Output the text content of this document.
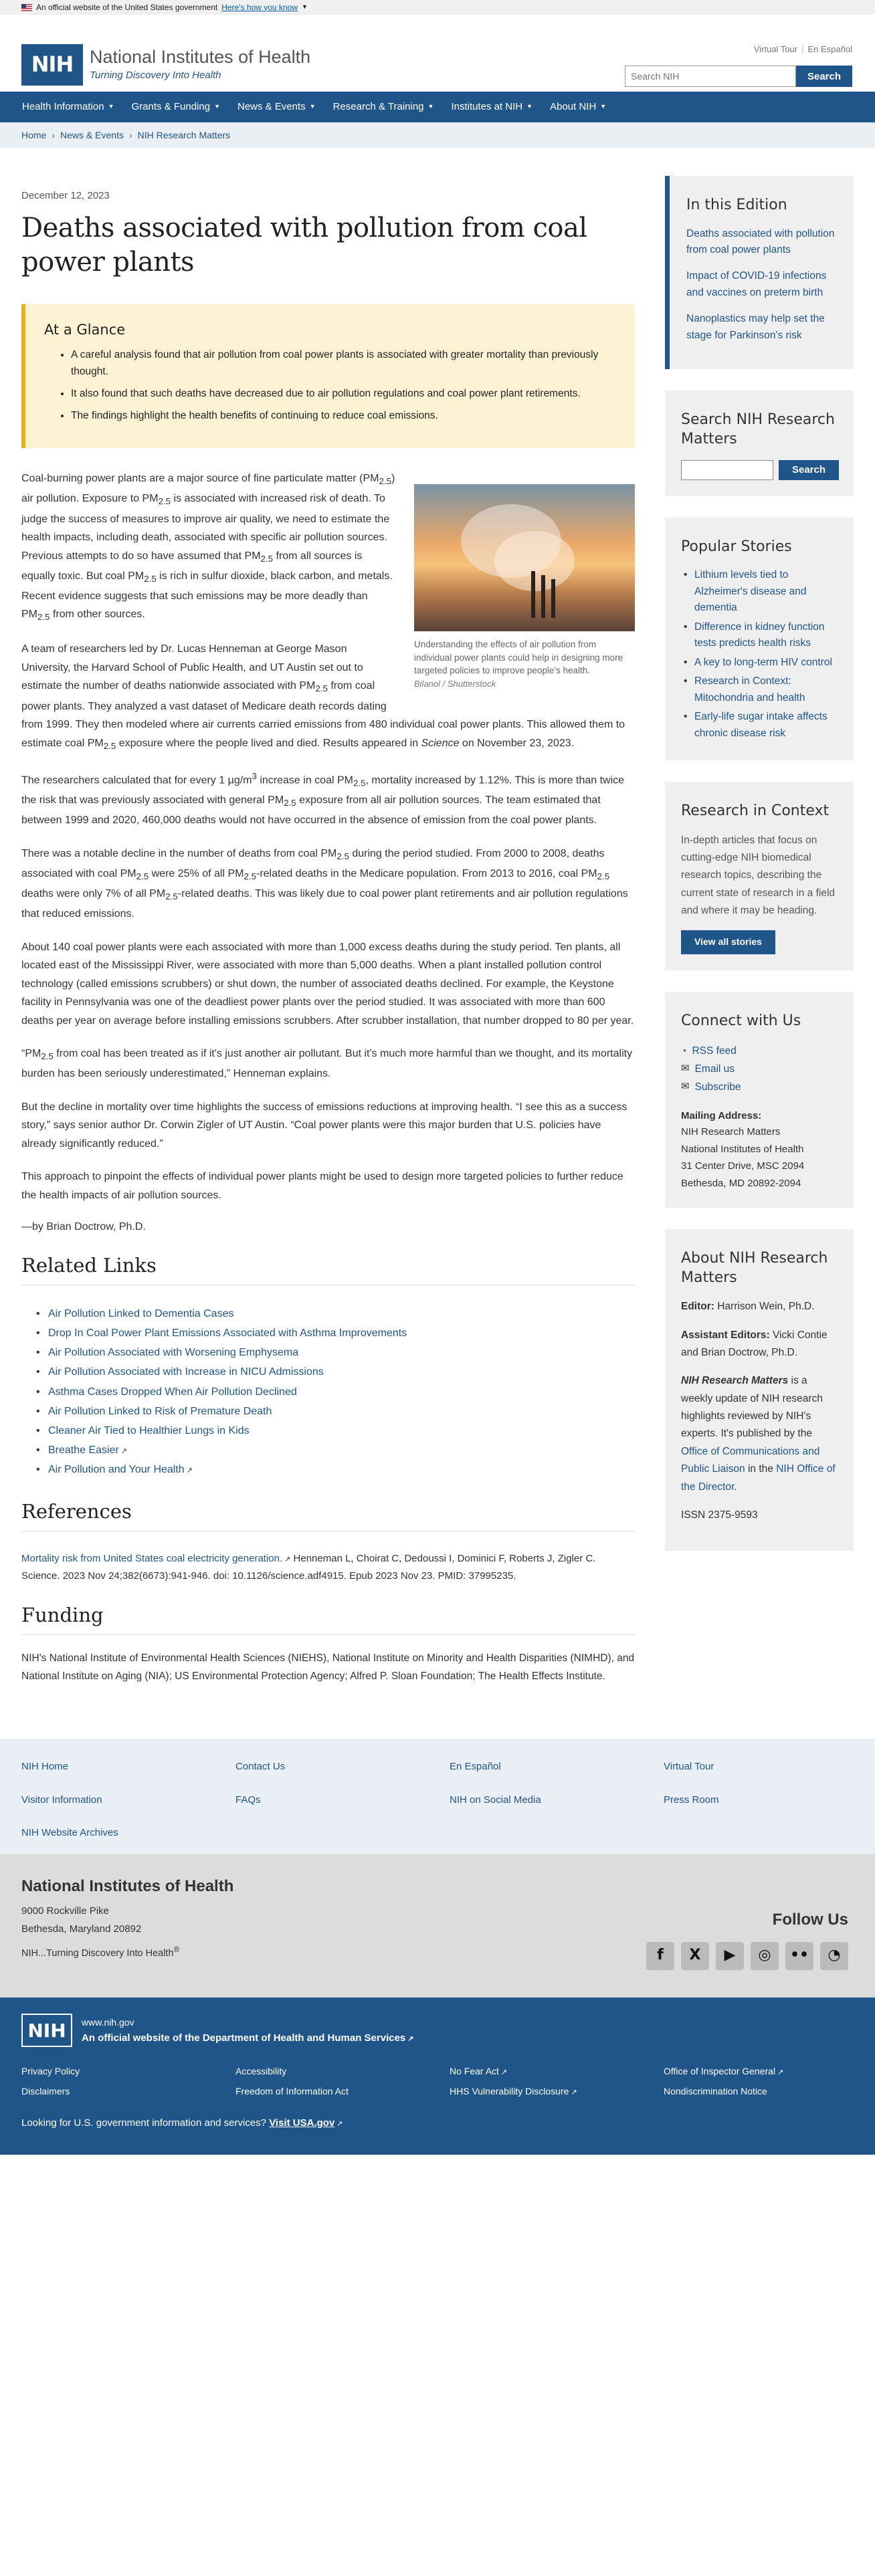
An official website of the United States government Here's how you know ▼
NIH National Institutes of Health
Turning Discovery Into Health
Virtual Tour | En Español
Search NIH
Search
Health Information ▼ Grants & Funding ▼ News & Events ▼ Research & Training ▼ Institutes at NIH ▼ About NIH ▼
Home › News & Events › NIH Research Matters
December 12, 2023
Deaths associated with pollution from coal power plants
At a Glance
• A careful analysis found that air pollution from coal power plants is associated with greater mortality than previously thought.
• It also found that such deaths have decreased due to air pollution regulations and coal power plant retirements.
• The findings highlight the health benefits of continuing to reduce coal emissions.
Understanding the effects of air pollution from individual power plants could help in designing more targeted policies to improve people's health.
Bilanol / Shutterstock

Coal-burning power plants are a major source of fine particulate matter $(PM_{2.5})$ air pollution. Exposure to $PM_{2.5}$ is associated with increased risk of death. To judge the success of measures to improve air quality, we need to estimate the health impacts, including death, associated with specific air pollution sources. Previous attempts to do so have assumed that $PM_{2.5}$ from all sources is equally toxic. But coal $PM_{2.5}$ is rich in sulfur dioxide, black carbon, and metals. Recent evidence suggests that such emissions may be more deadly than $PM_{2.5}$ from other sources.

A team of researchers led by Dr. Lucas Henneman at George Mason University, the Harvard School of Public Health, and UT Austin set out to estimate the number of deaths nationwide associated with $PM_{2.5}$ from coal power plants. They analyzed a vast dataset of Medicare death records dating from 1999. They then modeled where air currents carried emissions from 480 individual coal power plants. This allowed them to estimate coal $PM_{2.5}$ exposure where the people lived and died. Results appeared in Science on November 23, 2023.

The researchers calculated that for every 1 $\mu g/m^3$ increase in coal $PM_{2.5}$, mortality increased by 1.12%. This is more than twice the risk that was previously associated with general $PM_{2.5}$ exposure from all air pollution sources. The team estimated that between 1999 and 2020, 460,000 deaths would not have occurred in the absence of emission from the coal power plants.

There was a notable decline in the number of deaths from coal $PM_{2.5}$ during the period studied. From 2000 to 2008, deaths associated with coal $PM_{2.5}$ were 25% of all $PM_{2.5}$-related deaths in the Medicare population. From 2013 to 2016, coal $PM_{2.5}$ deaths were only 7% of all $PM_{2.5}$-related deaths. This was likely due to coal power plant retirements and air pollution regulations that reduced emissions.

About 140 coal power plants were each associated with more than 1,000 excess deaths during the study period. Ten plants, all located east of the Mississippi River, were associated with more than 5,000 deaths. When a plant installed pollution control technology (called emissions scrubbers) or shut down, the number of associated deaths declined. For example, the Keystone facility in Pennsylvania was one of the deadliest power plants over the period studied. It was associated with more than 600 deaths per year on average before installing emissions scrubbers. After scrubber installation, that number dropped to 80 per year.

“$PM_{2.5}$ from coal has been treated as if it's just another air pollutant. But it's much more harmful than we thought, and its mortality burden has been seriously underestimated,” Henneman explains.

But the decline in mortality over time highlights the success of emissions reductions at improving health. “I see this as a success story,” says senior author Dr. Corwin Zigler of UT Austin. “Coal power plants were this major burden that U.S. policies have already significantly reduced.”

This approach to pinpoint the effects of individual power plants might be used to design more targeted policies to further reduce the health impacts of air pollution sources.

—by Brian Doctrow, Ph.D.
Related Links
• Air Pollution Linked to Dementia Cases
• Drop In Coal Power Plant Emissions Associated with Asthma Improvements
• Air Pollution Associated with Worsening Emphysema
• Air Pollution Associated with Increase in NICU Admissions
• Asthma Cases Dropped When Air Pollution Declined
• Air Pollution Linked to Risk of Premature Death
• Cleaner Air Tied to Healthier Lungs in Kids
• Breathe Easier ↗
• Air Pollution and Your Health ↗
References

Mortality risk from United States coal electricity generation. ↗ Henneman L, Choirat C, Dedoussi I, Dominici F, Roberts J, Zigler C. Science. 2023 Nov 24;382(6673):941-946. doi: 10.1126/science.adf4915. Epub 2023 Nov 23. PMID: 37995235.

Funding

NIH's National Institute of Environmental Health Sciences (NIEHS), National Institute on Minority and Health Disparities (NIMHD), and National Institute on Aging (NIA); US Environmental Protection Agency; Alfred P. Sloan Foundation; The Health Effects Institute.

In this Edition
Deaths associated with pollution from coal power plants
Impact of COVID-19 infections and vaccines on preterm birth
Nanoplastics may help set the stage for Parkinson's risk
Search NIH Research Matters
Search
Popular Stories
• Lithium levels tied to Alzheimer's disease and dementia
• Difference in kidney function tests predicts health risks
• A key to long-term HIV control
• Research in Context: Mitochondria and health
• Early-life sugar intake affects chronic disease risk
Research in Context

In-depth articles that focus on cutting-edge NIH biomedical research topics, describing the current state of research in a field and where it may be heading.

View all stories
Connect with Us
◔ RSS feed
✉ Email us
✉ Subscribe
Mailing Address:
NIH Research Matters
National Institutes of Health
31 Center Drive, MSC 2094
Bethesda, MD 20892-2094
About NIH Research Matters

Editor: Harrison Wein, Ph.D.

Assistant Editors: Vicki Contie and Brian Doctrow, Ph.D.

NIH Research Matters is a weekly update of NIH research highlights reviewed by NIH's experts. It's published by the Office of Communications and Public Liaison in the NIH Office of the Director.

ISSN 2375-9593

NIH Home	Contact Us	En Español	Virtual Tour
Visitor Information	FAQs	NIH on Social Media	Press Room
NIH Website Archives
National Institutes of Health
9000 Rockville Pike
Bethesda, Maryland 20892
NIH...Turning Discovery Into Health®
Follow Us
f	X	▶	◎	••	◔
NIH	www.nih.gov
An official website of the Department of Health and Human Services ↗
Privacy Policy	Accessibility	No Fear Act ↗	Office of Inspector General ↗
Disclaimers	Freedom of Information Act	HHS Vulnerability Disclosure ↗	Nondiscrimination Notice
Looking for U.S. government information and services? Visit USA.gov ↗
